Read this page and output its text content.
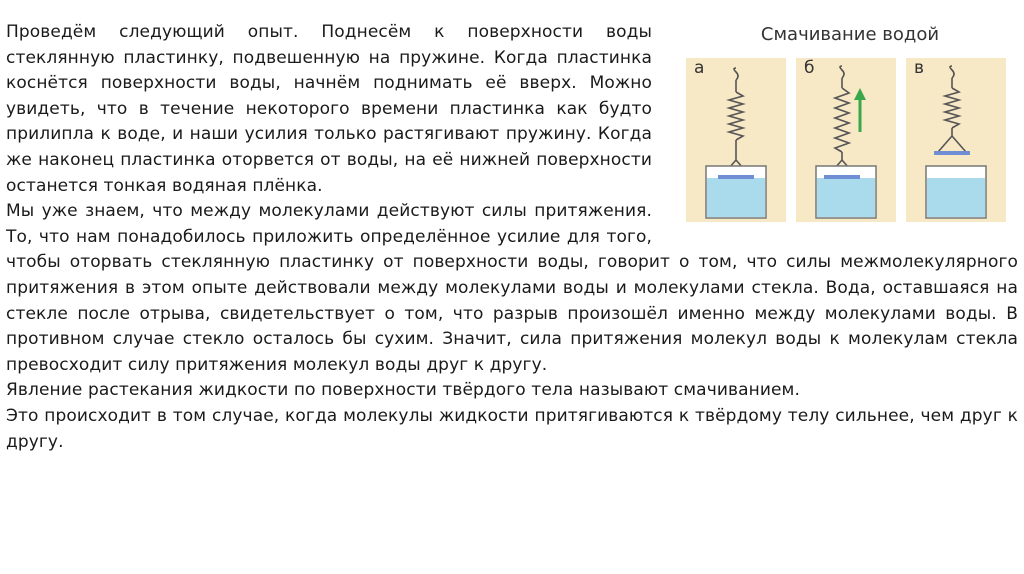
Смачивание водой
а	б	в

Проведём следующий опыт. Поднесём к поверхности воды стеклянную пластинку, подвешенную на пружине. Когда пластинка коснётся поверхности воды, начнём поднимать её вверх. Можно увидеть, что в течение некоторого времени пластинка как будто прилипла к воде, и наши усилия только растягивают пружину. Когда же наконец пластинка оторвется от воды, на её нижней поверхности останется тонкая водяная плёнка.

Мы уже знаем, что между молекулами действуют силы притяжения. То, что нам понадобилось приложить определённое усилие для того, чтобы оторвать стеклянную пластинку от поверхности воды, говорит о том, что силы межмолекулярного притяжения в этом опыте действовали между молекулами воды и молекулами стекла. Вода, оставшаяся на стекле после отрыва, свидетельствует о том, что разрыв произошёл именно между молекулами воды. В противном случае стекло осталось бы сухим. Значит, сила притяжения молекул воды к молекулам стекла превосходит силу притяжения молекул воды друг к другу.

Явление растекания жидкости по поверхности твёрдого тела называют смачиванием.

Это происходит в том случае, когда молекулы жидкости притягиваются к твёрдому телу сильнее, чем друг к другу.
